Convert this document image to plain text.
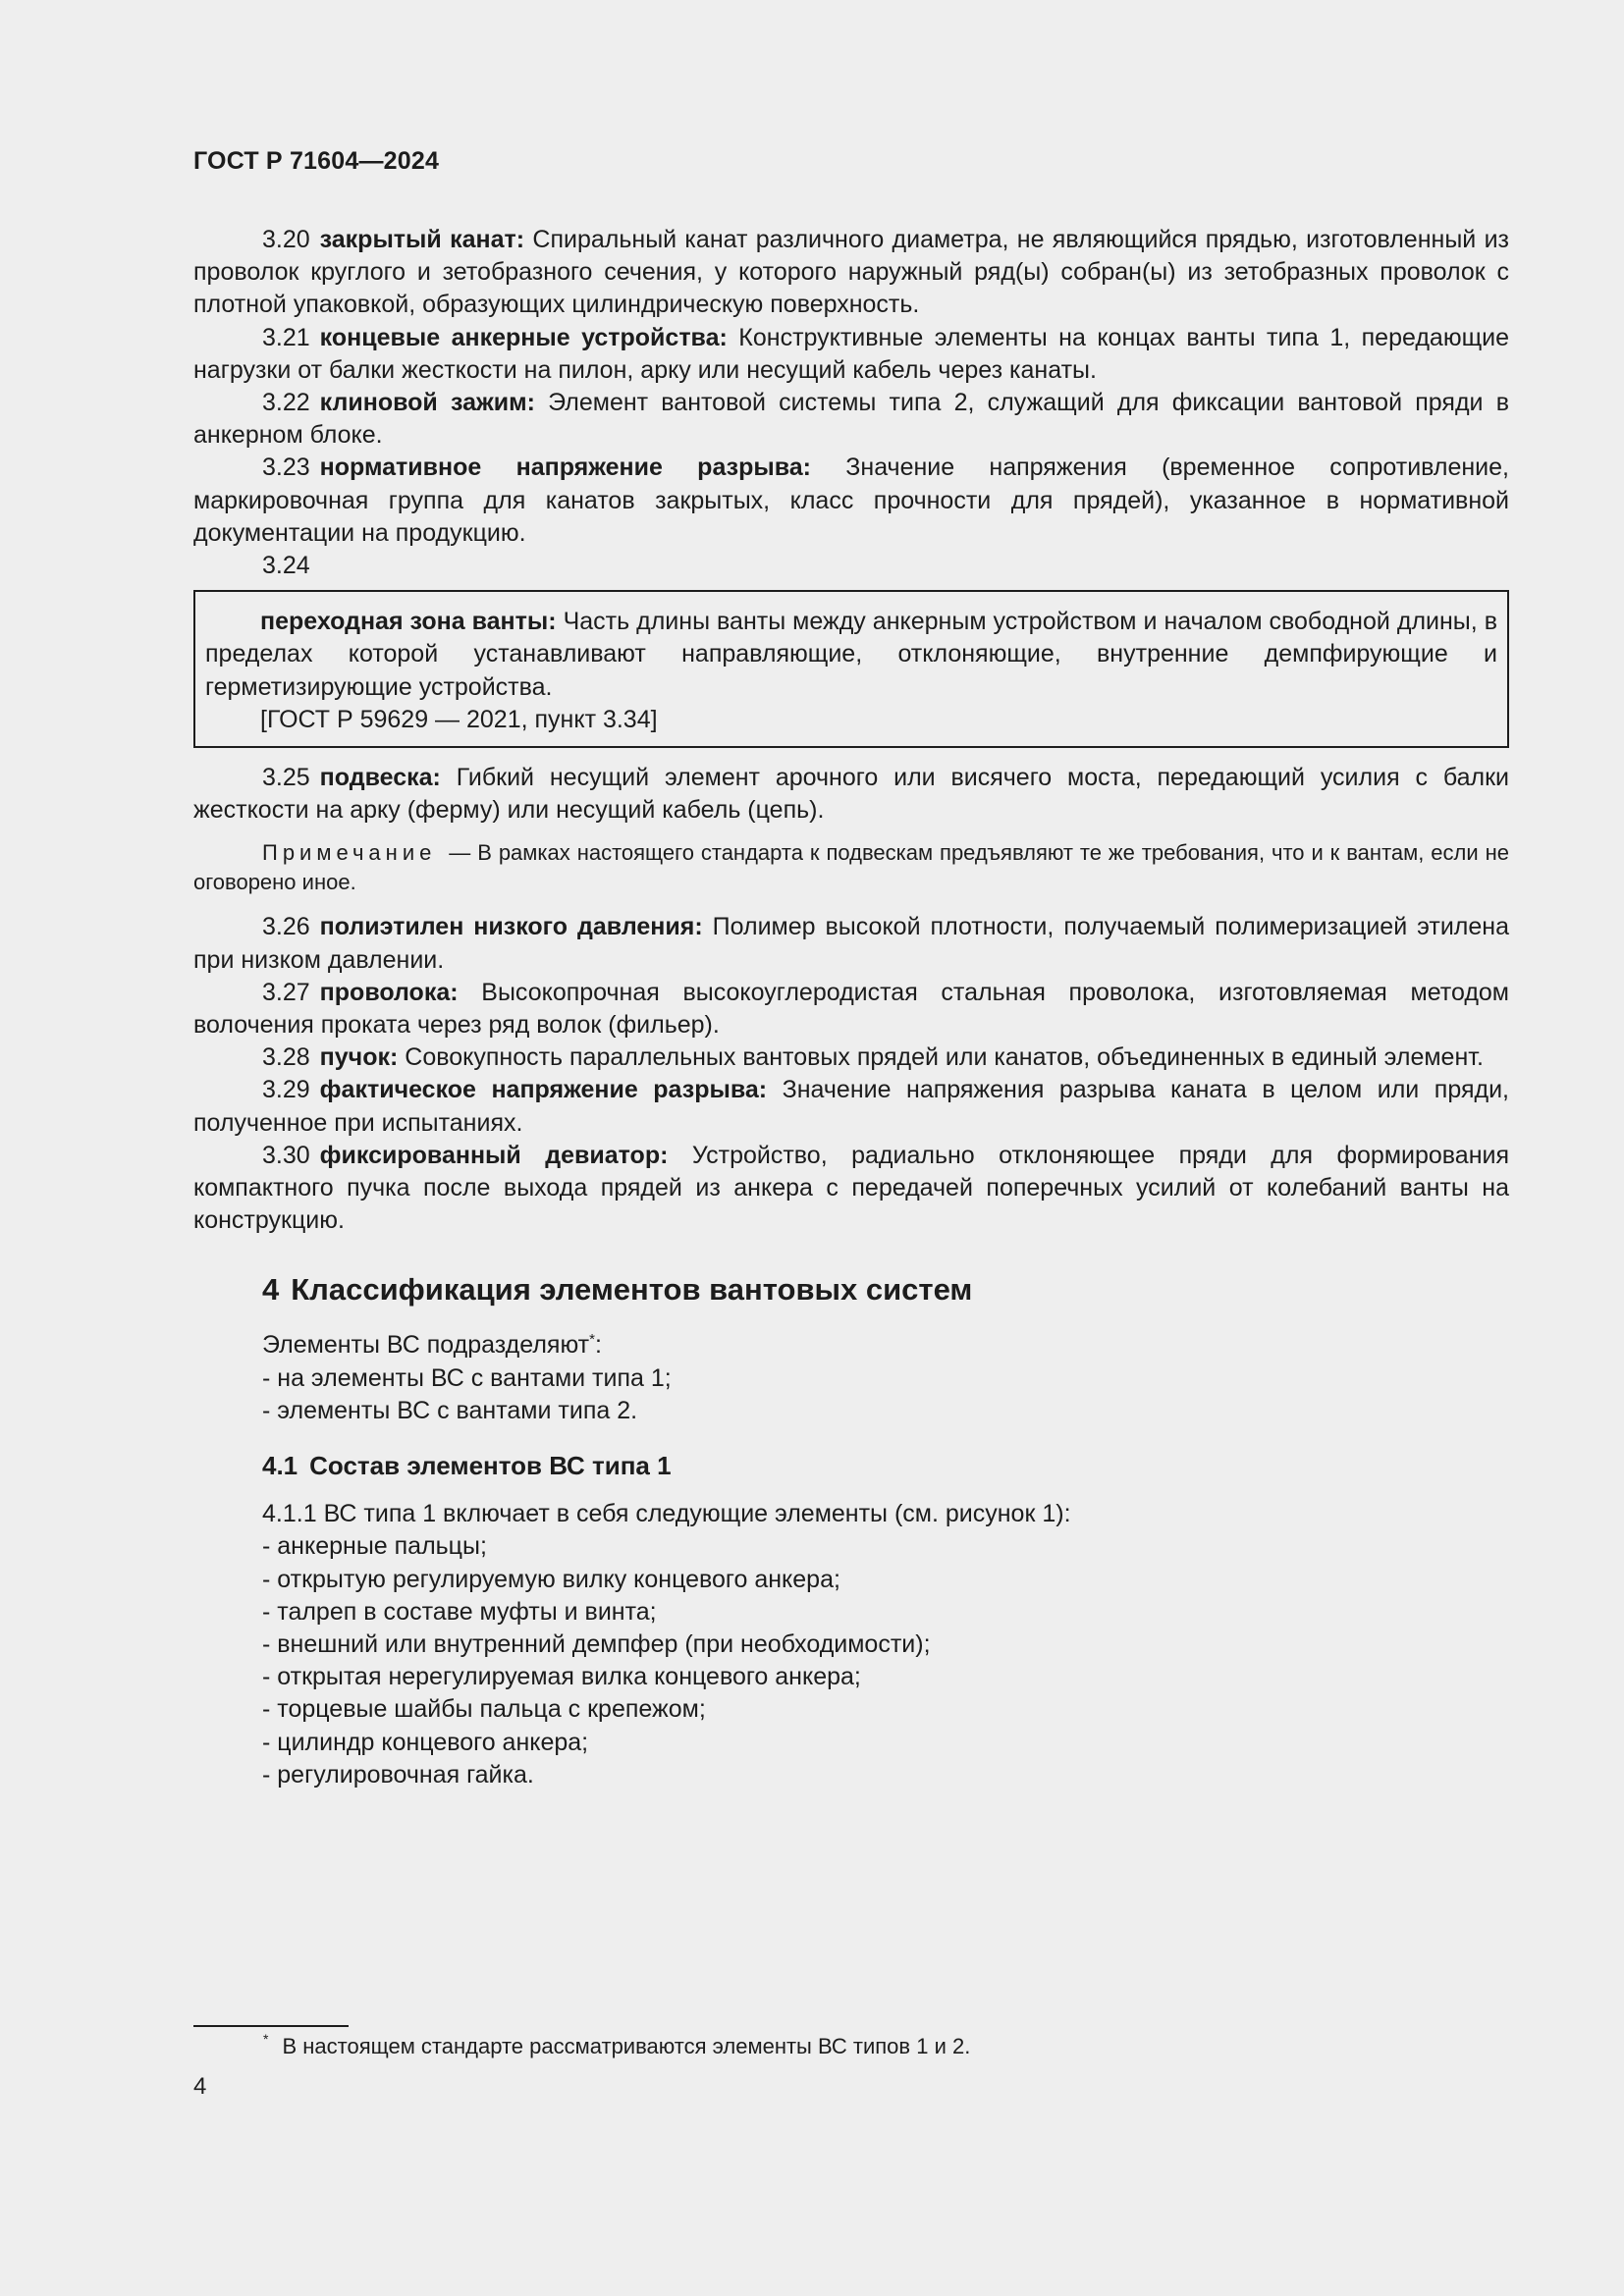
ГОСТ Р 71604—2024

3.20 закрытый канат: Спиральный канат различного диаметра, не являющийся прядью, изготовленный из проволок круглого и зетобразного сечения, у которого наружный ряд(ы) собран(ы) из зетобразных проволок с плотной упаковкой, образующих цилиндрическую поверхность.

3.21 концевые анкерные устройства: Конструктивные элементы на концах ванты типа 1, передающие нагрузки от балки жесткости на пилон, арку или несущий кабель через канаты.

3.22 клиновой зажим: Элемент вантовой системы типа 2, служащий для фиксации вантовой пряди в анкерном блоке.

3.23 нормативное напряжение разрыва: Значение напряжения (временное сопротивление, маркировочная группа для канатов закрытых, класс прочности для прядей), указанное в нормативной документации на продукцию.

3.24

переходная зона ванты: Часть длины ванты между анкерным устройством и началом свободной длины, в пределах которой устанавливают направляющие, отклоняющие, внутренние демпфирующие и герметизирующие устройства.

[ГОСТ Р 59629 — 2021, пункт 3.34]

3.25 подвеска: Гибкий несущий элемент арочного или висячего моста, передающий усилия с балки жесткости на арку (ферму) или несущий кабель (цепь).

Примечание — В рамках настоящего стандарта к подвескам предъявляют те же требования, что и к вантам, если не оговорено иное.

3.26 полиэтилен низкого давления: Полимер высокой плотности, получаемый полимеризацией этилена при низком давлении.

3.27 проволока: Высокопрочная высокоуглеродистая стальная проволока, изготовляемая методом волочения проката через ряд волок (фильер).

3.28 пучок: Совокупность параллельных вантовых прядей или канатов, объединенных в единый элемент.

3.29 фактическое напряжение разрыва: Значение напряжения разрыва каната в целом или пряди, полученное при испытаниях.

3.30 фиксированный девиатор: Устройство, радиально отклоняющее пряди для формирования компактного пучка после выхода прядей из анкера с передачей поперечных усилий от колебаний ванты на конструкцию.

4 Классификация элементов вантовых систем

Элементы ВС подразделяют*:

- на элементы ВС с вантами типа 1;
- элементы ВС с вантами типа 2.
4.1 Состав элементов ВС типа 1

4.1.1 ВС типа 1 включает в себя следующие элементы (см. рисунок 1):

- анкерные пальцы;
- открытую регулируемую вилку концевого анкера;
- талреп в составе муфты и винта;
- внешний или внутренний демпфер (при необходимости);
- открытая нерегулируемая вилка концевого анкера;
- торцевые шайбы пальца с крепежом;
- цилиндр концевого анкера;
- регулировочная гайка.
* В настоящем стандарте рассматриваются элементы ВС типов 1 и 2.
4
